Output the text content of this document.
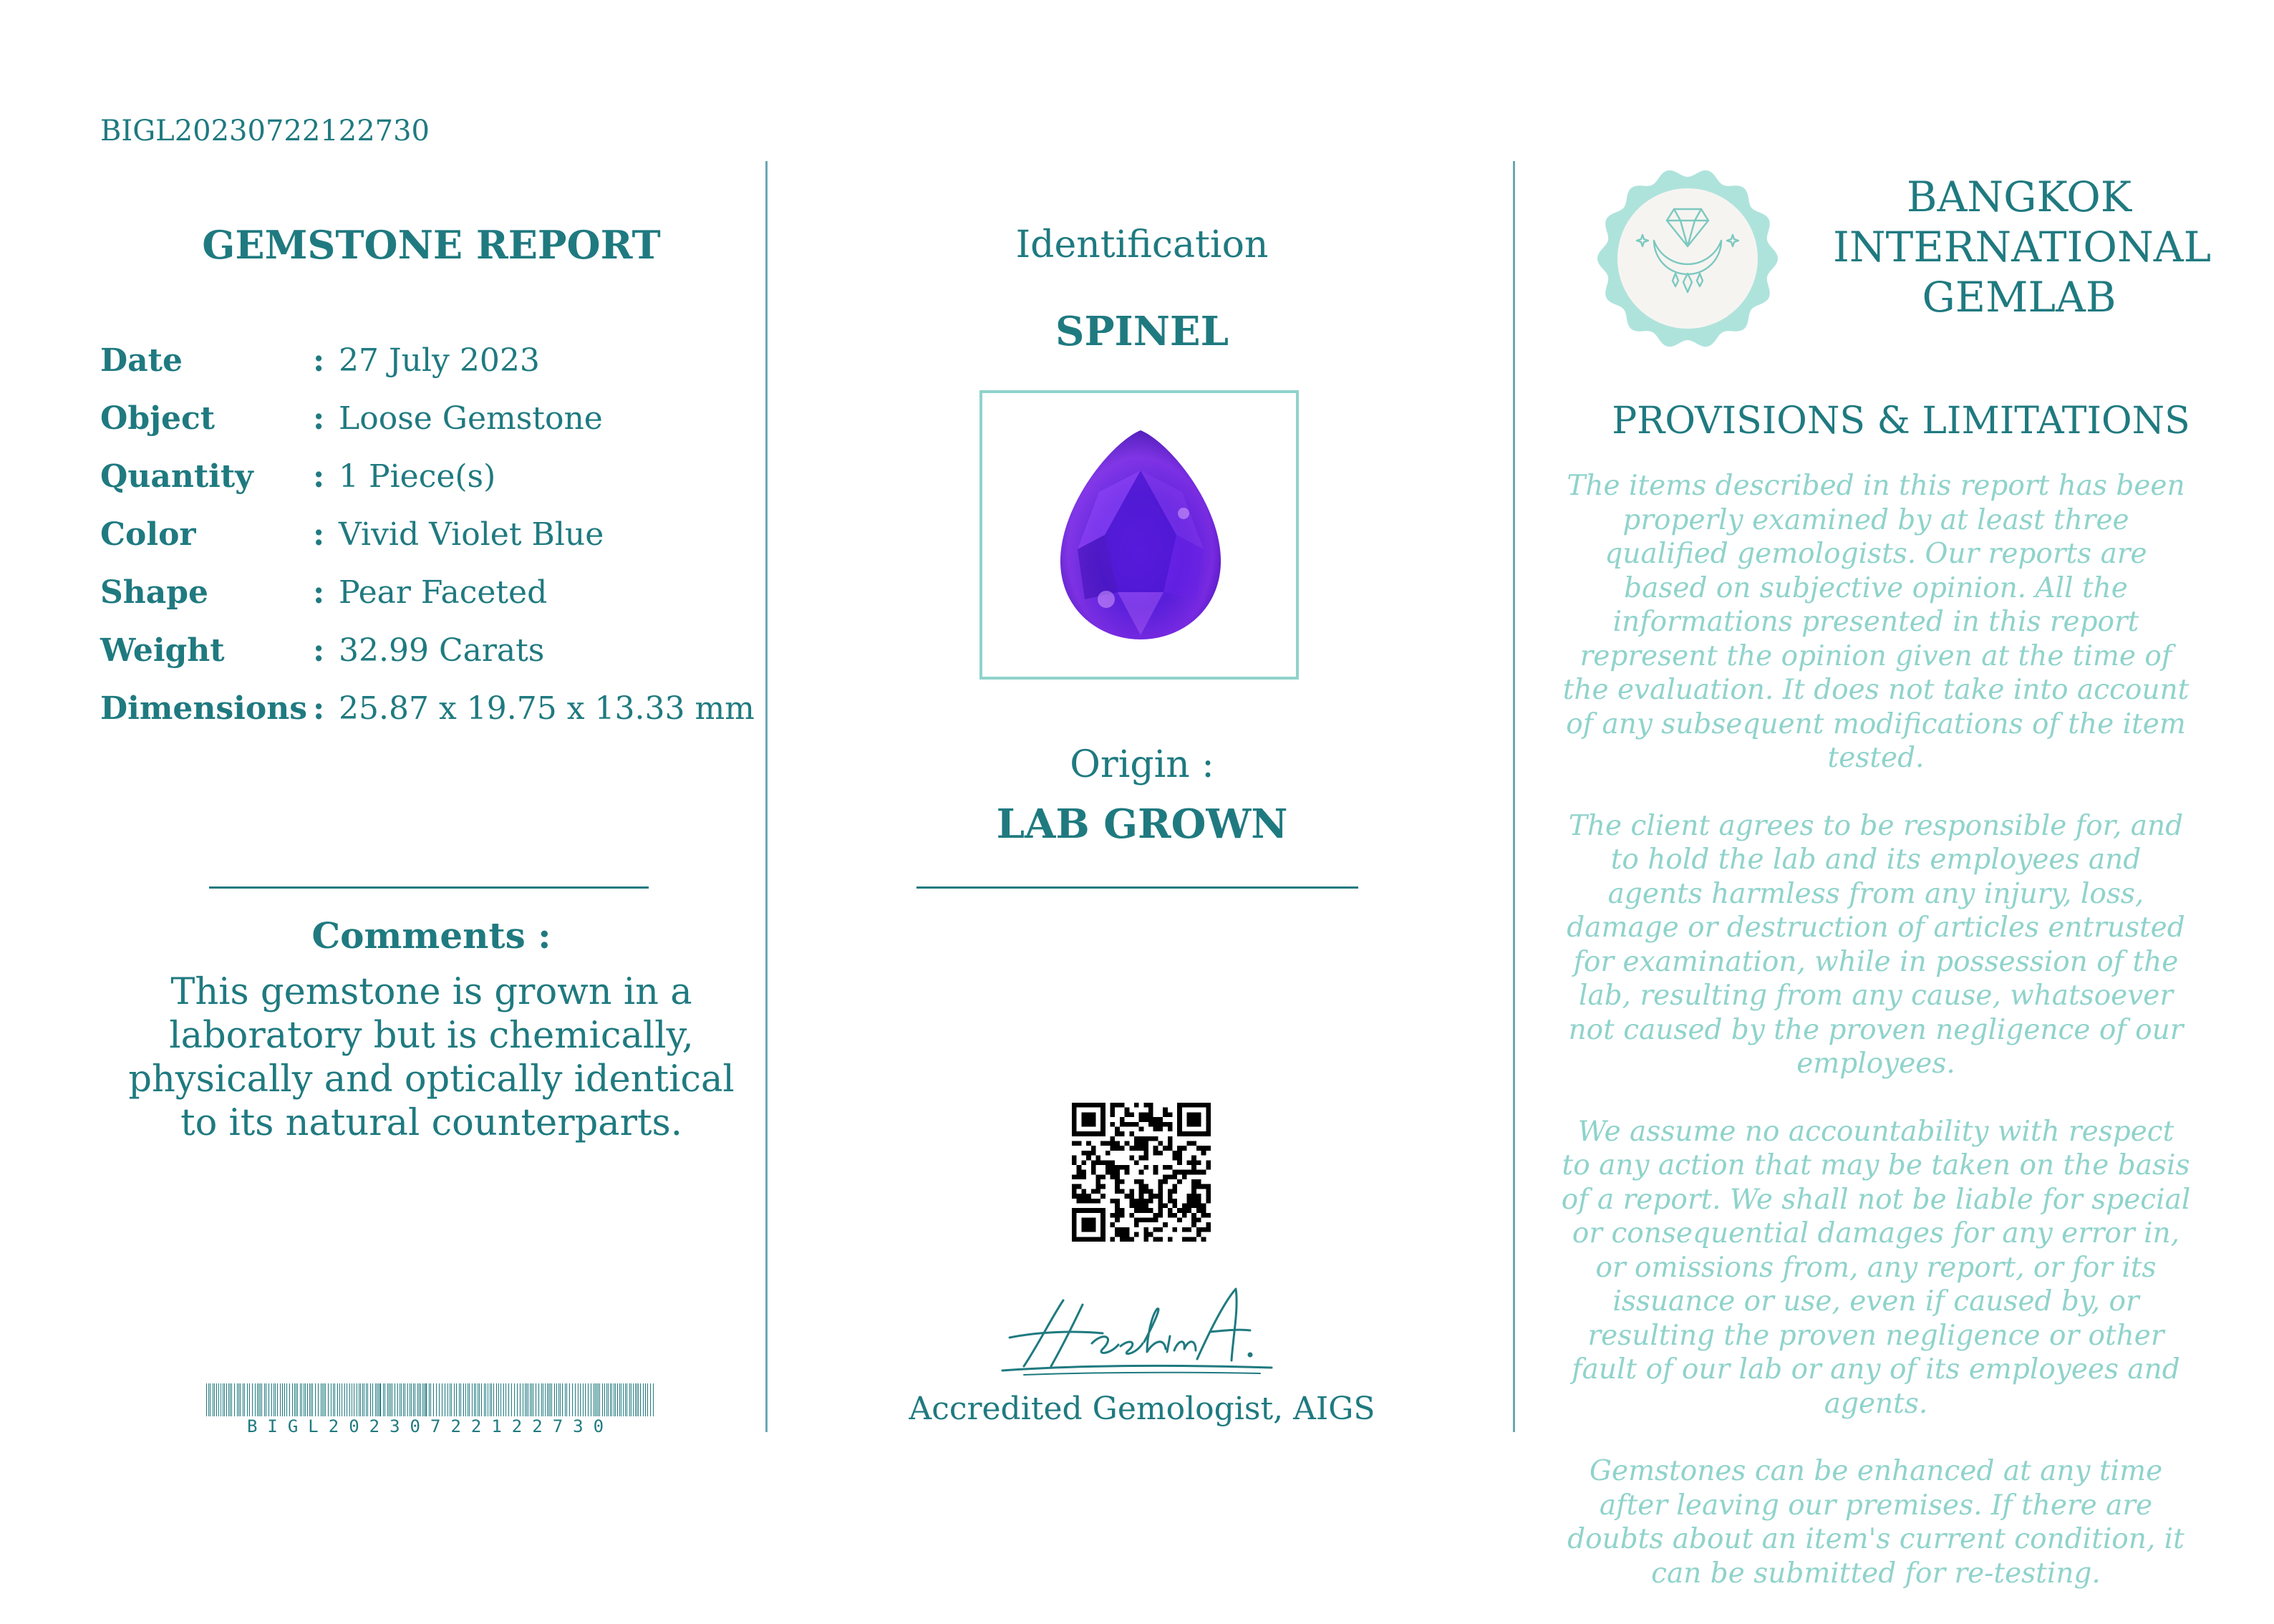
BIGL20230722122730
GEMSTONE REPORT
Date	: 27 July 2023
Object	: Loose Gemstone
Quantity : 1 Piece(s)
Color	: Vivid Violet Blue
Shape	: Pear Faceted
Weight	: 32.99 Carats
Dimensions : 25.87 x 19.75 x 13.33 mm
Comments :
This gemstone is grown in a laboratory but is chemically, physically and optically identical to its natural counterparts.
BIGL20230722122730
Identification
SPINEL
Origin :
LAB GROWN
Accredited Gemologist, AIGS
BANGKOK
INTERNATIONAL
GEMLAB
PROVISIONS & LIMITATIONS

The items described in this report has been properly examined by at least three qualified gemologists. Our reports are based on subjective opinion. All the informations presented in this report represent the opinion given at the time of the evaluation. It does not take into account of any subsequent modifications of the item tested.

The client agrees to be responsible for, and to hold the lab and its employees and agents harmless from any injury, loss, damage or destruction of articles entrusted for examination, while in possession of the lab, resulting from any cause, whatsoever not caused by the proven negligence of our employees.

We assume no accountability with respect to any action that may be taken on the basis of a report. We shall not be liable for special or consequential damages for any error in, or omissions from, any report, or for its issuance or use, even if caused by, or resulting the proven negligence or other fault of our lab or any of its employees and agents.

Gemstones can be enhanced at any time after leaving our premises. If there are doubts about an item's current condition, it can be submitted for re-testing.
